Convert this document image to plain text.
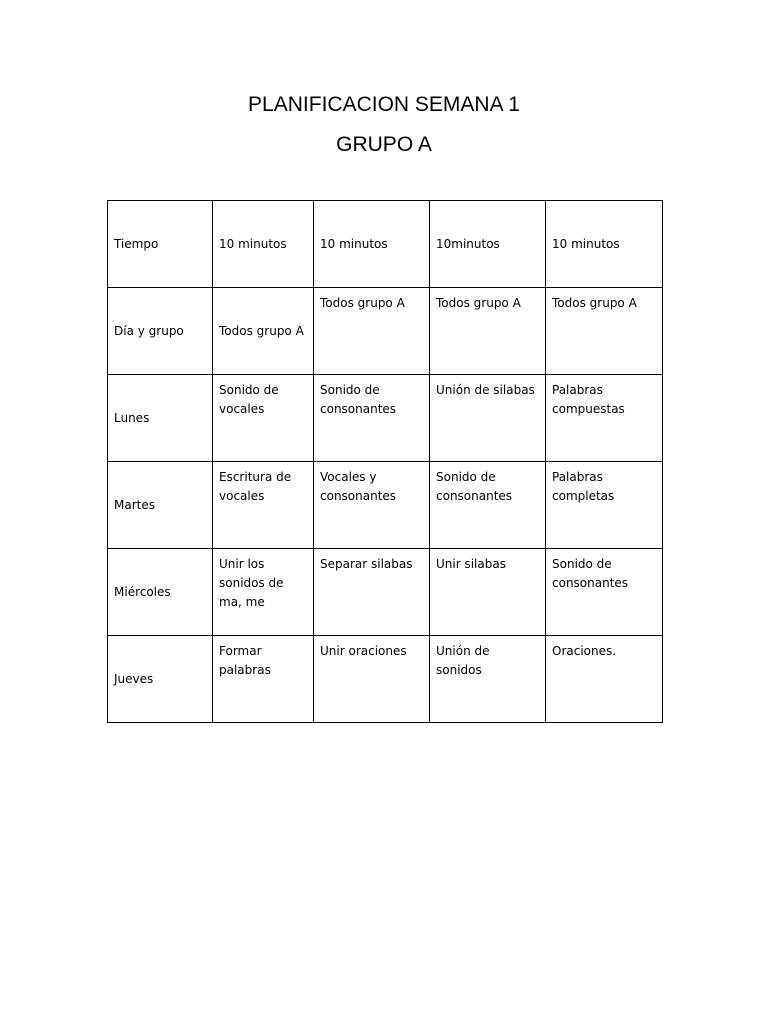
PLANIFICACION SEMANA 1
GRUPO A
Tiempo	10 minutos	10 minutos	10minutos	10 minutos
Día y grupo	Todos grupo A	Todos grupo A	Todos grupo A	Todos grupo A
Lunes	Sonido de vocales	Sonido de consonantes	Unión de silabas	Palabras compuestas
Martes	Escritura de vocales	Vocales y consonantes	Sonido de consonantes	Palabras completas
Miércoles	Unir los sonidos de ma, me	Separar silabas	Unir silabas	Sonido de consonantes
Jueves	Formar palabras	Unir oraciones	Unión de sonidos	Oraciones.
